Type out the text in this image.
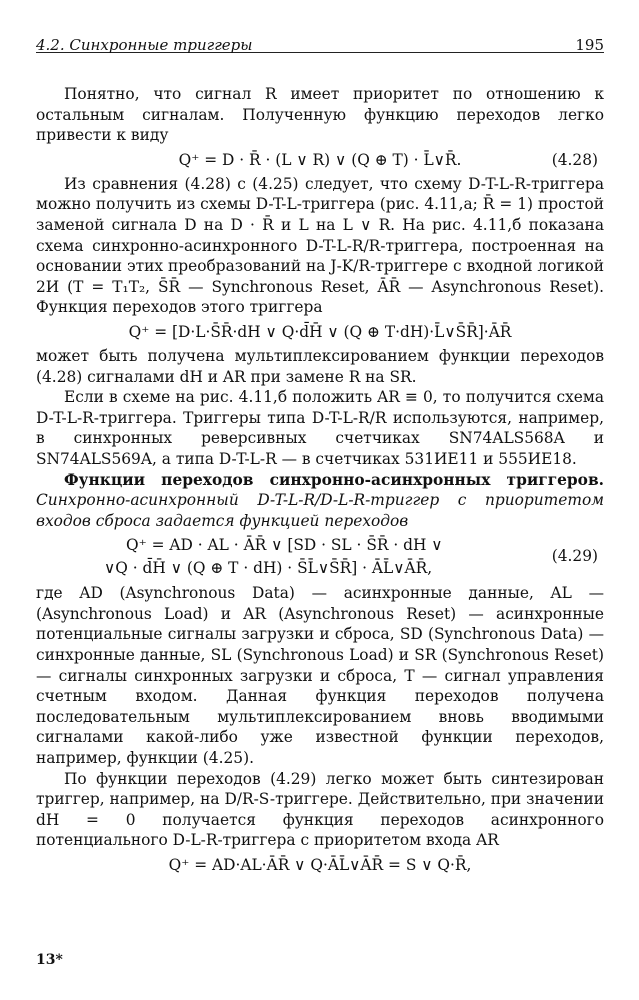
4.2. Синхронные триггеры	195

Понятно, что сигнал R имеет приоритет по отношению к остальным сигналам. Полученную функцию переходов легко привести к виду

Q⁺ = D · R̄ · (L ∨ R) ∨ (Q ⊕ T) · L̄∨R̄.	(4.28)

Из сравнения (4.28) с (4.25) следует, что схему D-T-L-R-триггера можно получить из схемы D-T-L-триггера (рис. 4.11,а; R̄ = 1) простой заменой сигнала D на D · R̄ и L на L ∨ R. На рис. 4.11,б показана схема синхронно-асинхронного D-T-L-R/R-триггера, построенная на основании этих преобразований на J-K/R-триггере с входной логикой 2И (T = T₁T₂, S̄R̄ — Synchronous Reset, ĀR̄ — Asynchronous Reset). Функция переходов этого триггера

Q⁺ = [D·L·S̄R̄·dH ∨ Q·d̄H̄ ∨ (Q ⊕ T·dH)·L̄∨S̄R̄]·ĀR̄

может быть получена мультиплексированием функции переходов (4.28) сигналами dH и AR при замене R на SR.

Если в схеме на рис. 4.11,б положить AR ≡ 0, то получится схема D-T-L-R-триггера. Триггеры типа D-T-L-R/R используются, например, в синхронных реверсивных счетчиках SN74ALS568A и SN74ALS569A, а типа D-T-L-R — в счетчиках 531ИЕ11 и 555ИЕ18.

Функции переходов синхронно-асинхронных триггеров. Синхронно-асинхронный D-T-L-R/D-L-R-триггер с приоритетом входов сброса задается функцией переходов

Q⁺ = AD · AL · ĀR̄ ∨ [SD · SL · S̄R̄ · dH ∨
∨Q · d̄H̄ ∨ (Q ⊕ T · dH) · S̄L̄∨S̄R̄] · ĀL̄∨ĀR̄,
(4.29)

где AD (Asynchronous Data) — асинхронные данные, AL — (Asynchronous Load) и AR (Asynchronous Reset) — асинхронные потенциальные сигналы загрузки и сброса, SD (Synchronous Data) — синхронные данные, SL (Synchronous Load) и SR (Synchronous Reset) — сигналы синхронных загрузки и сброса, T — сигнал управления счетным входом. Данная функция переходов получена последовательным мультиплексированием вновь вводимыми сигналами какой-либо уже известной функции переходов, например, функции (4.25).

По функции переходов (4.29) легко может быть синтезирован триггер, например, на D/R-S-триггере. Действительно, при значении dH = 0 получается функция переходов асинхронного потенциального D-L-R-триггера с приоритетом входа AR

Q⁺ = AD·AL·ĀR̄ ∨ Q·ĀL̄∨ĀR̄ = S ∨ Q·R̄,
13*
